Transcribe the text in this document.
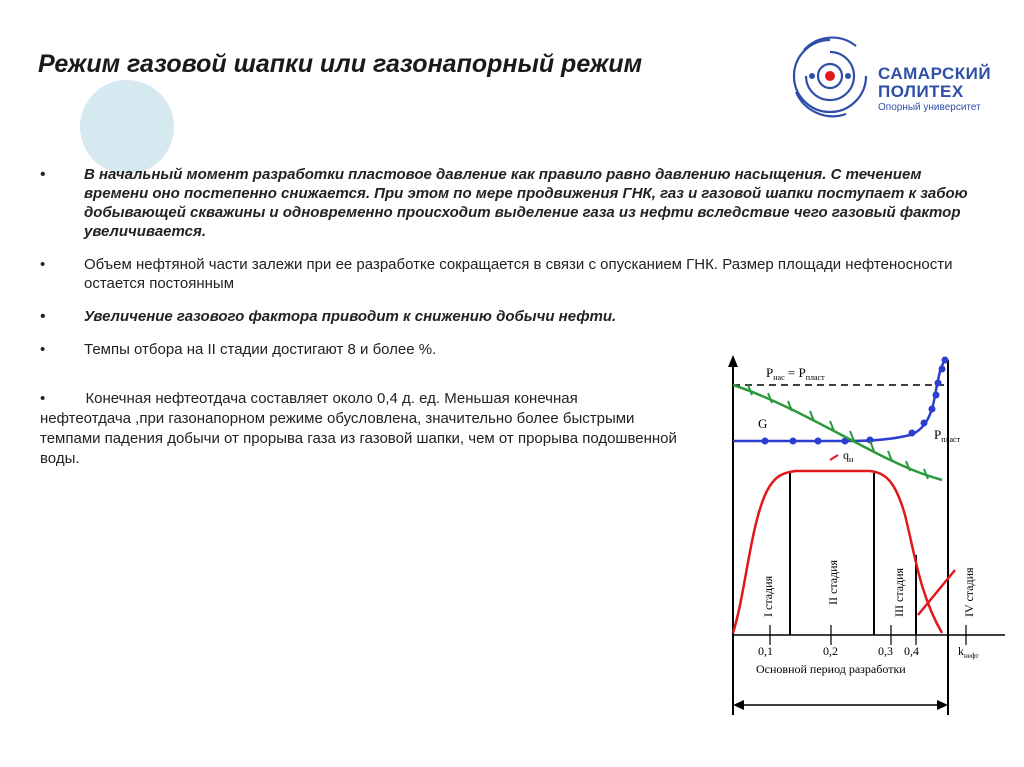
Режим газовой шапки или газонапорный режим	САМАРСКИЙ
ПОЛИТЕХ
Опорный университет
•	В начальный момент разработки пластовое давление как правило равно давлению насыщения. С течением времени оно постепенно снижается. При этом по мере продвижения ГНК, газ и газовой шапки поступает к забою добывающей скважины и одновременно происходит выделение газа из нефти вследствие чего газовый фактор увеличивается.
•	Объем нефтяной части залежи при ее разработке сокращается в связи с опусканием ГНК. Размер площади нефтеносности остается постоянным
•	Увеличение газового фактора приводит к снижению добычи нефти.
•	Темпы отбора на II стадии достигают 8 и более %.
•	Конечная нефтеотдача составляет около 0,4 д. ед. Меньшая конечная
нефтеотдача ,при газонапорном режиме обусловлена, значительно более быстрыми темпами падения добычи от прорыва газа из газовой шапки, чем от прорыва подошвенной воды.
$P_{нас} = P_{пласт}$
G
$P_{пласт}$
$q_н$
I стадия	II стадия	III стадия	IV стадия
0,1	0,2	0,3 0,4	$k_{нефт}$
Основной период разработки
